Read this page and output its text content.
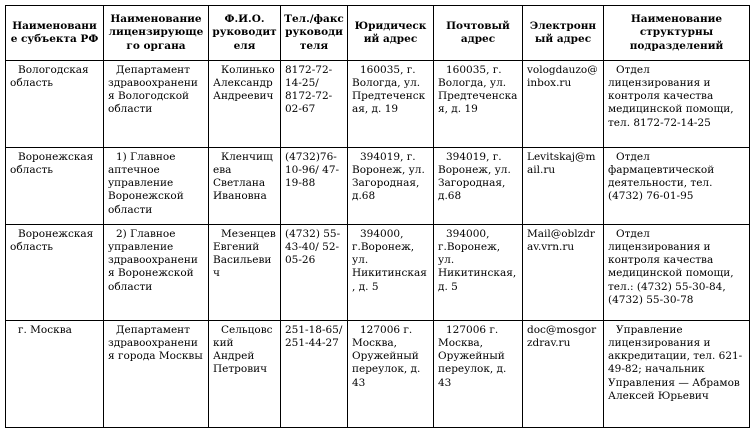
Наименование субъекта РФ	Наименование лицензирующего органа	Ф.И.О. руководителя	Тел./факс руководителя	Юридический адрес	Почтовый адрес	Электронный адрес	Наименование структурны подразделений
Вологодская область	Департамент здравоохранения Вологодской области	Колинько Александр Андреевич	8172-72-14-25/ 8172-72-02-67	160035, г. Вологда, ул. Предтеченская, д. 19	160035, г. Вологда, ул. Предтеченская, д. 19	vologdauzo@inbox.ru	Отдел лицензирования и контроля качества медицинской помощи, тел. 8172-72-14-25
Воронежская область	1) Главное аптечное управление Воронежской области	Кленчищева Светлана Ивановна	(4732)76-10-96/ 47-19-88	394019, г. Воронеж, ул. Загородная, д.68	394019, г. Воронеж, ул. Загородная, д.68	Levitskaj@mail.ru	Отдел фармацевтической деятельности, тел. (4732) 76-01-95
Воронежская область	2) Главное управление здравоохранения Воронежской области	Мезенцев Евгений Васильевич	(4732) 55-43-40/ 52-05-26	394000, г.Воронеж, ул. Никитинская, д. 5	394000, г.Воронеж, ул. Никитинская, д. 5	Mail@oblzdrav.vrn.ru	Отдел лицензирования и контроля качества медицинской помощи, тел.: (4732) 55-30-84, (4732) 55-30-78
г. Москва	Департамент здравоохранения города Москвы	Сельцовский Андрей Петрович	251-18-65/ 251-44-27	127006 г. Москва, Оружейный переулок, д. 43	127006 г. Москва, Оружейный переулок, д. 43	doc@mosgorzdrav.ru	Управление лицензирования и аккредитации, тел. 621-49-82; начальник Управления — Абрамов Алексей Юрьевич
